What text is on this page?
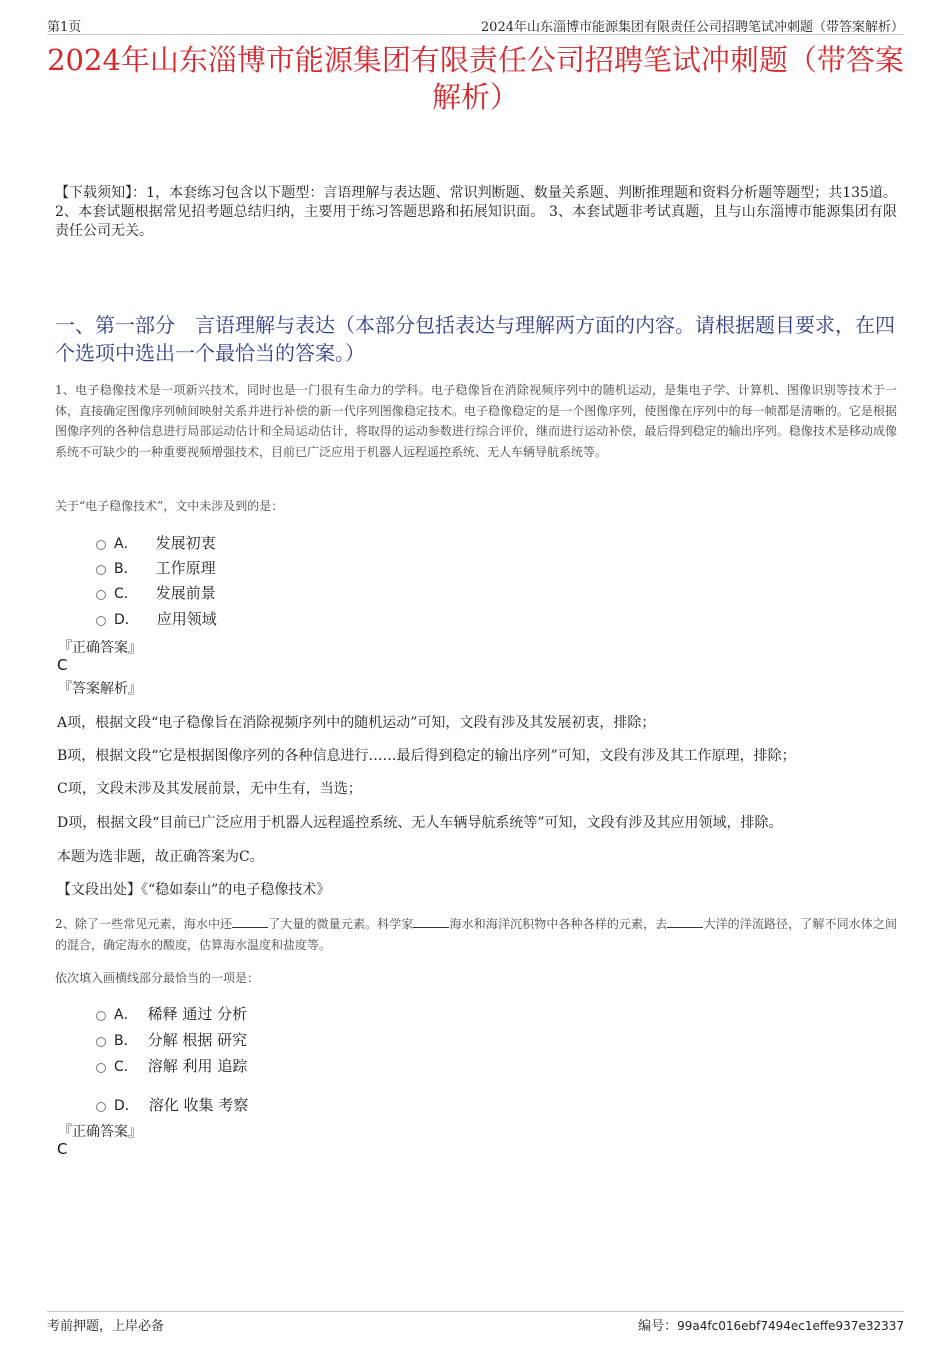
第1页	2024年山东淄博市能源集团有限责任公司招聘笔试冲刺题（带答案解析）
2024年山东淄博市能源集团有限责任公司招聘笔试冲刺题（带答案解析）

【下载须知】：1，本套练习包含以下题型：言语理解与表达题、常识判断题、数量关系题、判断推理题和资料分析题等题型；共135道。 2、本套试题根据常见招考题总结归纳，主要用于练习答题思路和拓展知识面。 3、本套试题非考试真题，且与山东淄博市能源集团有限责任公司无关。

一、第一部分　言语理解与表达（本部分包括表达与理解两方面的内容。请根据题目要求，在四个选项中选出一个最恰当的答案。）

1、电子稳像技术是一项新兴技术，同时也是一门很有生命力的学科。电子稳像旨在消除视频序列中的随机运动，是集电子学、计算机、图像识别等技术于一体，直接确定图像序列帧间映射关系并进行补偿的新一代序列图像稳定技术。电子稳像稳定的是一个图像序列，使图像在序列中的每一帧都是清晰的。它是根据图像序列的各种信息进行局部运动估计和全局运动估计，将取得的运动参数进行综合评价，继而进行运动补偿，最后得到稳定的输出序列。稳像技术是移动成像系统不可缺少的一种重要视频增强技术，目前已广泛应用于机器人远程遥控系统、无人车辆导航系统等。

关于“电子稳像技术”，文中未涉及到的是：

A． 发展初衷
B． 工作原理
C． 发展前景
D． 应用领域
『正确答案』
C
『答案解析』
A项，根据文段“电子稳像旨在消除视频序列中的随机运动”可知，文段有涉及其发展初衷，排除；
B项，根据文段“它是根据图像序列的各种信息进行……最后得到稳定的输出序列”可知，文段有涉及其工作原理，排除；
C项，文段未涉及其发展前景，无中生有，当选；
D项，根据文段“目前已广泛应用于机器人远程遥控系统、无人车辆导航系统等”可知，文段有涉及其应用领域，排除。
本题为选非题，故正确答案为C。
【文段出处】《“稳如泰山”的电子稳像技术》

2、除了一些常见元素，海水中还	了大量的微量元素。科学家	海水和海洋沉积物中各种各样的元素，去	大洋的洋流路径，了解不同水体之间的混合，确定海水的酸度，估算海水温度和盐度等。

依次填入画横线部分最恰当的一项是：

A． 稀释 通过 分析
B． 分解 根据 研究
C． 溶解 利用 追踪
D． 溶化 收集 考察
『正确答案』
C
考前押题，上岸必备	编号：99a4fc016ebf7494ec1effe937e32337
